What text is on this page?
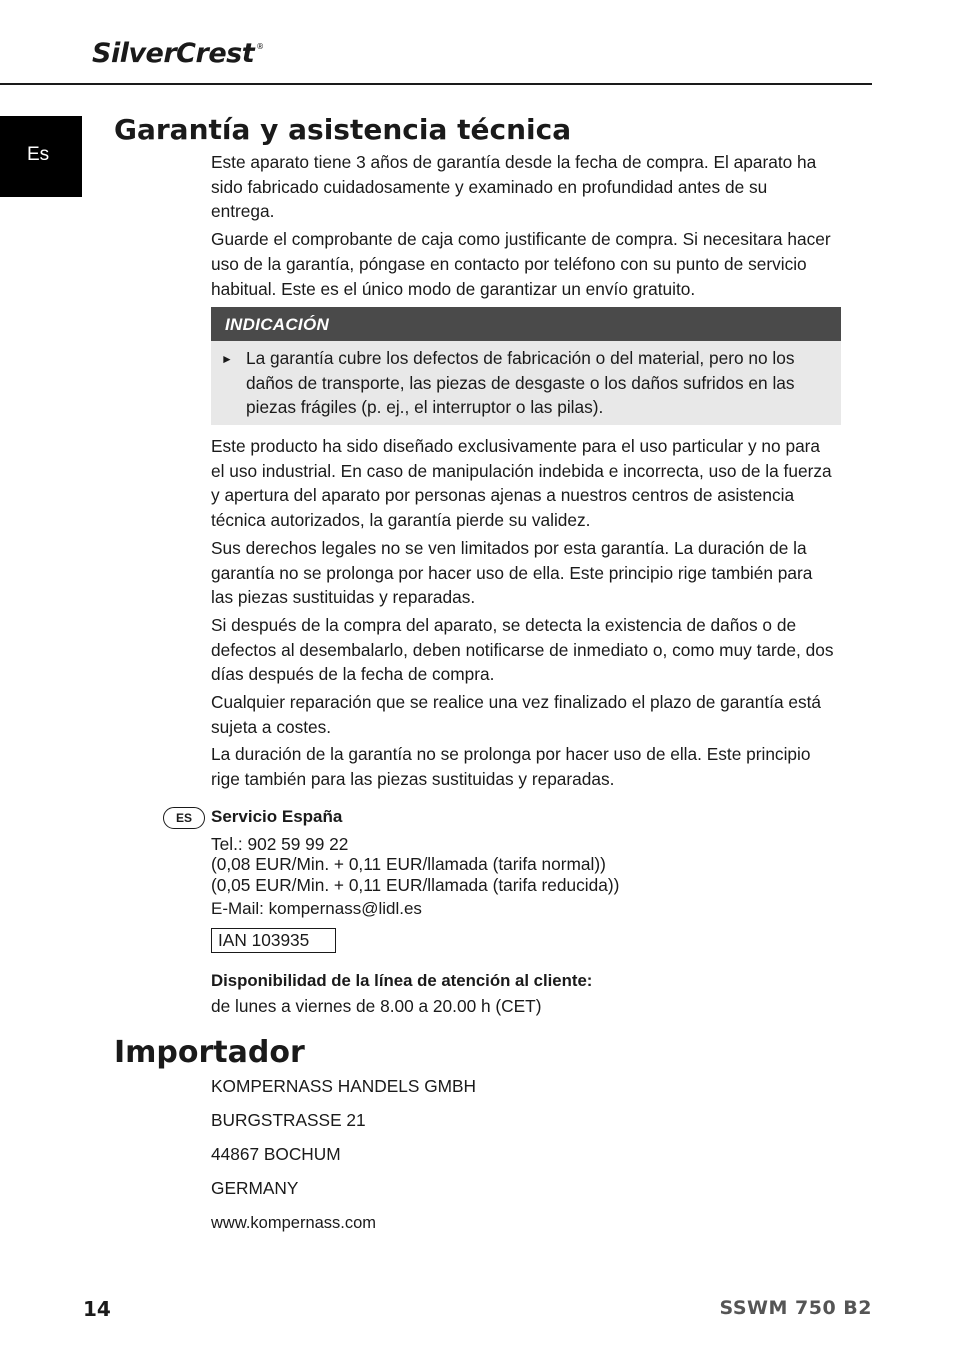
SilverCrest ®
Es
Garantía y asistencia técnica

Este aparato tiene 3 años de garantía desde la fecha de compra. El aparato ha sido fabricado cuidadosamente y examinado en profundidad antes de su entrega.

Guarde el comprobante de caja como justificante de compra. Si necesitara hacer uso de la garantía, póngase en contacto por teléfono con su punto de servicio habitual. Este es el único modo de garantizar un envío gratuito.

INDICACIÓN
► La garantía cubre los defectos de fabricación o del material, pero no los daños de transporte, las piezas de desgaste o los daños sufridos en las piezas frágiles (p. ej., el interruptor o las pilas).

Este producto ha sido diseñado exclusivamente para el uso particular y no para el uso industrial. En caso de manipulación indebida e incorrecta, uso de la fuerza y apertura del aparato por personas ajenas a nuestros centros de asistencia técnica autorizados, la garantía pierde su validez.

Sus derechos legales no se ven limitados por esta garantía. La duración de la garantía no se prolonga por hacer uso de ella. Este principio rige también para las piezas sustituidas y reparadas.

Si después de la compra del aparato, se detecta la existencia de daños o de defectos al desembalarlo, deben notificarse de inmediato o, como muy tarde, dos días después de la fecha de compra.

Cualquier reparación que se realice una vez finalizado el plazo de garantía está sujeta a costes.

La duración de la garantía no se prolonga por hacer uso de ella. Este principio rige también para las piezas sustituidas y reparadas.

ES	Servicio España
Tel.: 902 59 99 22
(0,08 EUR/Min. + 0,11 EUR/llamada (tarifa normal))
(0,05 EUR/Min. + 0,11 EUR/llamada (tarifa reducida))
E-Mail: kompernass@lidl.es
IAN 103935
Disponibilidad de la línea de atención al cliente:
de lunes a viernes de 8.00 a 20.00 h (CET)
Importador
KOMPERNASS HANDELS GMBH
BURGSTRASSE 21
44867 BOCHUM
GERMANY
www.kompernass.com
14	SSWM 750 B2
